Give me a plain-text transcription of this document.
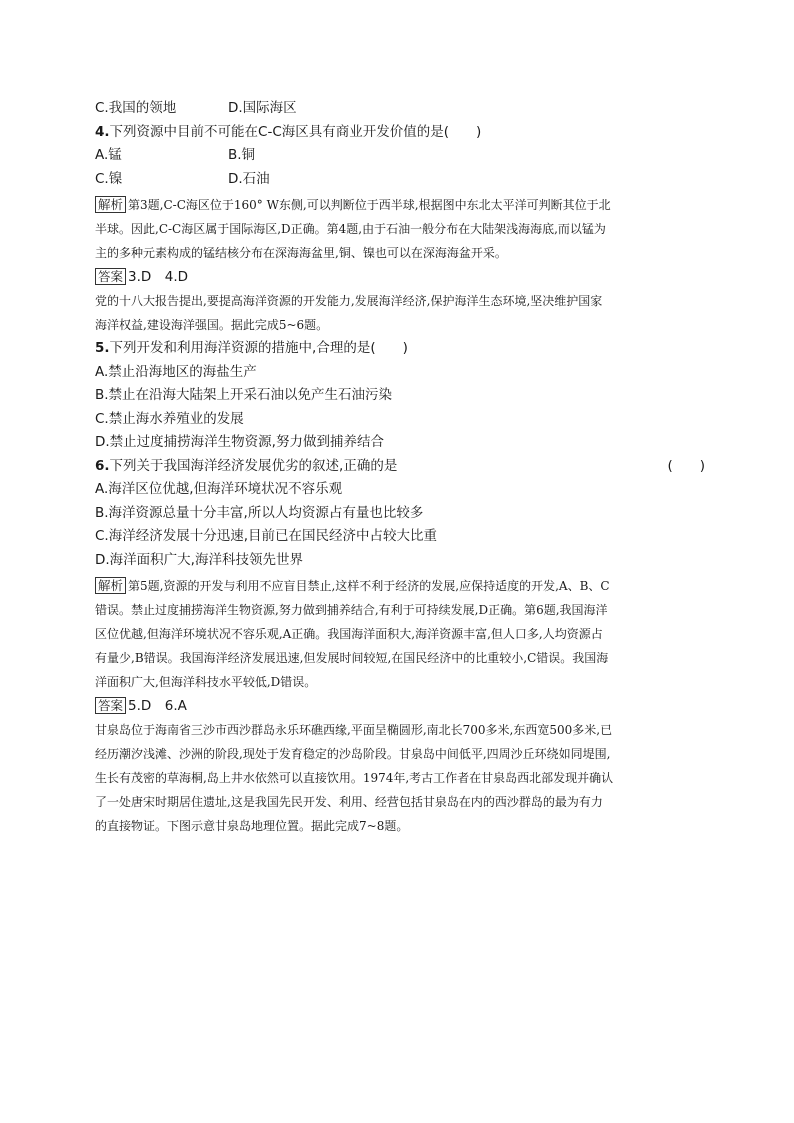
C.我国的领地	D.国际海区
4.下列资源中目前不可能在C-C海区具有商业开发价值的是(　　)
A.锰	B.铜
C.镍	D.石油
解析 第3题,C-C海区位于160° W东侧,可以判断位于西半球,根据图中东北太平洋可判断其位于北
半球。因此,C-C海区属于国际海区,D正确。第4题,由于石油一般分布在大陆架浅海海底,而以锰为
主的多种元素构成的锰结核分布在深海海盆里,铜、镍也可以在深海海盆开采。
答案 3.D　4.D
党的十八大报告提出,要提高海洋资源的开发能力,发展海洋经济,保护海洋生态环境,坚决维护国家
海洋权益,建设海洋强国。据此完成5~6题。
5.下列开发和利用海洋资源的措施中,合理的是(　　)
A.禁止沿海地区的海盐生产
B.禁止在沿海大陆架上开采石油以免产生石油污染
C.禁止海水养殖业的发展
D.禁止过度捕捞海洋生物资源,努力做到捕养结合
6.下列关于我国海洋经济发展优劣的叙述,正确的是	(　　)
A.海洋区位优越,但海洋环境状况不容乐观
B.海洋资源总量十分丰富,所以人均资源占有量也比较多
C.海洋经济发展十分迅速,目前已在国民经济中占较大比重
D.海洋面积广大,海洋科技领先世界
解析 第5题,资源的开发与利用不应盲目禁止,这样不利于经济的发展,应保持适度的开发,A、B、C
错误。禁止过度捕捞海洋生物资源,努力做到捕养结合,有利于可持续发展,D正确。第6题,我国海洋
区位优越,但海洋环境状况不容乐观,A正确。我国海洋面积大,海洋资源丰富,但人口多,人均资源占
有量少,B错误。我国海洋经济发展迅速,但发展时间较短,在国民经济中的比重较小,C错误。我国海
洋面积广大,但海洋科技水平较低,D错误。
答案 5.D　6.A
甘泉岛位于海南省三沙市西沙群岛永乐环礁西缘,平面呈椭圆形,南北长700多米,东西宽500多米,已
经历潮汐浅滩、沙洲的阶段,现处于发育稳定的沙岛阶段。甘泉岛中间低平,四周沙丘环绕如同堤围,
生长有茂密的草海桐,岛上井水依然可以直接饮用。1974年,考古工作者在甘泉岛西北部发现并确认
了一处唐宋时期居住遗址,这是我国先民开发、利用、经营包括甘泉岛在内的西沙群岛的最为有力
的直接物证。下图示意甘泉岛地理位置。据此完成7~8题。
